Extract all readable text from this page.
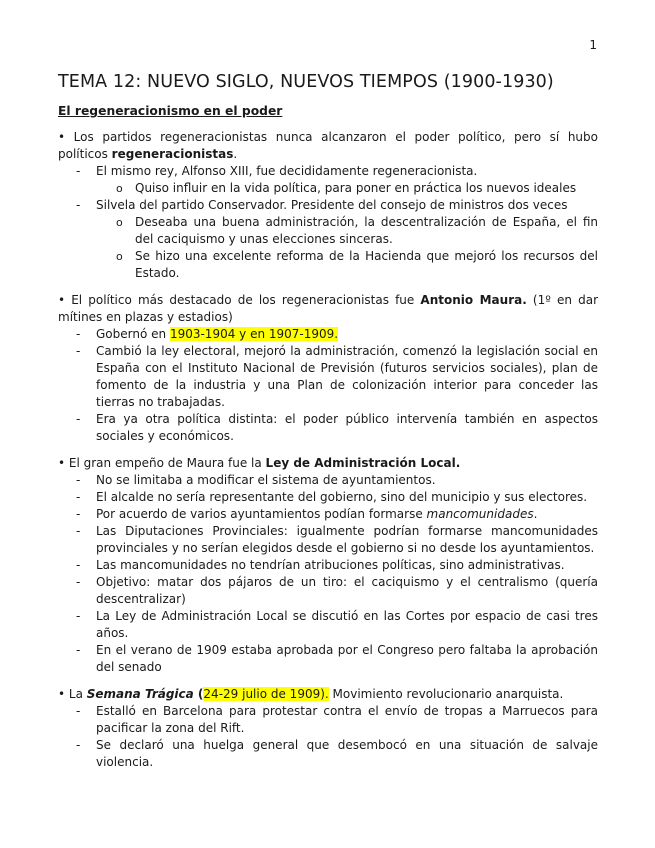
1
TEMA 12: NUEVO SIGLO, NUEVOS TIEMPOS (1900-1930)
El regeneracionismo en el poder

• Los partidos regeneracionistas nunca alcanzaron el poder político, pero sí hubo políticos regeneracionistas.

- El mismo rey, Alfonso XIII, fue decididamente regeneracionista.
o Quiso influir en la vida política, para poner en práctica los nuevos ideales
- Silvela del partido Conservador. Presidente del consejo de ministros dos veces
o Deseaba una buena administración, la descentralización de España, el fin del caciquismo y unas elecciones sinceras.
o Se hizo una excelente reforma de la Hacienda que mejoró los recursos del Estado.

• El político más destacado de los regeneracionistas fue Antonio Maura. (1º en dar mítines en plazas y estadios)

- Gobernó en 1903-1904 y en 1907-1909.
- Cambió la ley electoral, mejoró la administración, comenzó la legislación social en España con el Instituto Nacional de Previsión (futuros servicios sociales), plan de fomento de la industria y una Plan de colonización interior para conceder las tierras no trabajadas.
- Era ya otra política distinta: el poder público intervenía también en aspectos sociales y económicos.

• El gran empeño de Maura fue la Ley de Administración Local.

- No se limitaba a modificar el sistema de ayuntamientos.
- El alcalde no sería representante del gobierno, sino del municipio y sus electores.
- Por acuerdo de varios ayuntamientos podían formarse mancomunidades.
- Las Diputaciones Provinciales: igualmente podrían formarse mancomunidades provinciales y no serían elegidos desde el gobierno si no desde los ayuntamientos.
- Las mancomunidades no tendrían atribuciones políticas, sino administrativas.
- Objetivo: matar dos pájaros de un tiro: el caciquismo y el centralismo (quería descentralizar)
- La Ley de Administración Local se discutió en las Cortes por espacio de casi tres años.
- En el verano de 1909 estaba aprobada por el Congreso pero faltaba la aprobación del senado

• La Semana Trágica (24-29 julio de 1909). Movimiento revolucionario anarquista.

- Estalló en Barcelona para protestar contra el envío de tropas a Marruecos para pacificar la zona del Rift.
- Se declaró una huelga general que desembocó en una situación de salvaje violencia.
